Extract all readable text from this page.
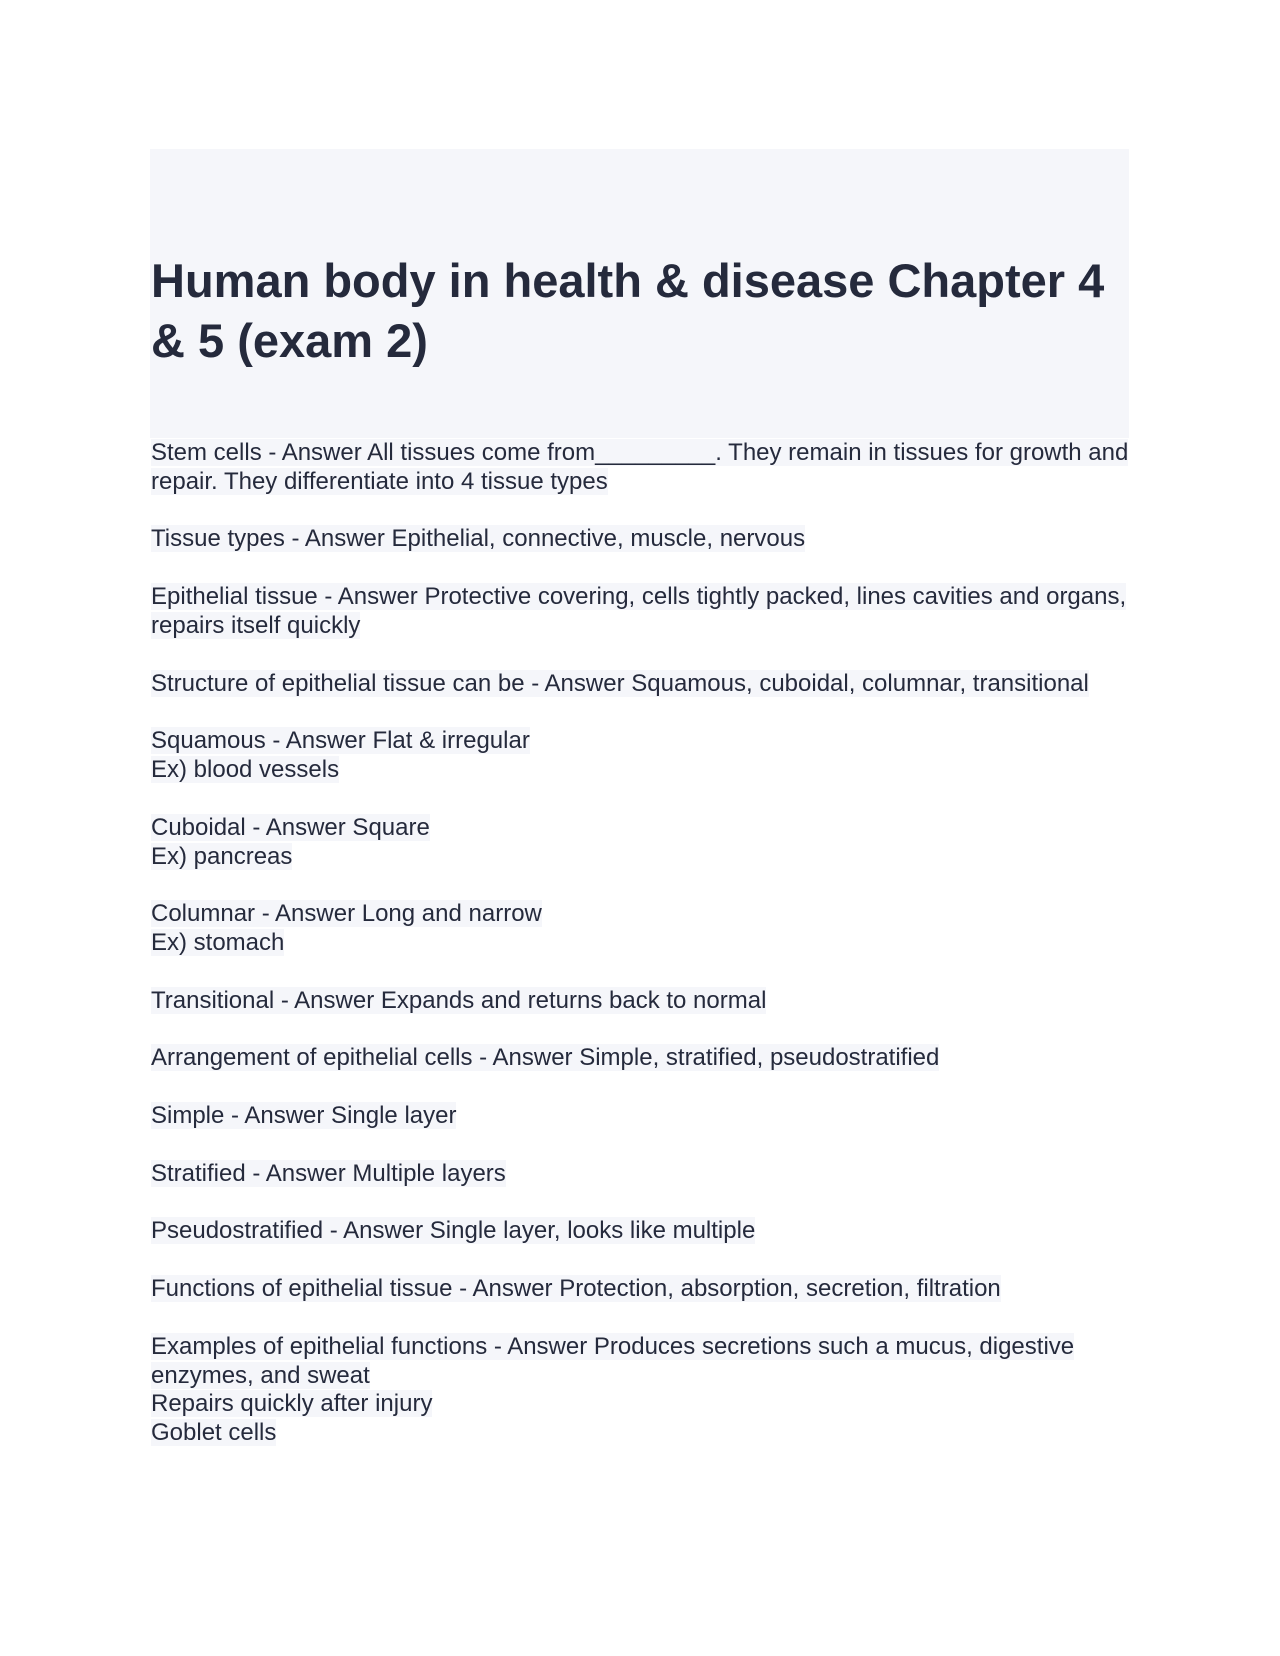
Human body in health & disease Chapter 4 & 5 (exam 2)

Stem cells - Answer All tissues come from_________. They remain in tissues for growth and repair. They differentiate into 4 tissue types

Tissue types - Answer Epithelial, connective, muscle, nervous

Epithelial tissue - Answer Protective covering, cells tightly packed, lines cavities and organs, repairs itself quickly

Structure of epithelial tissue can be - Answer Squamous, cuboidal, columnar, transitional

Squamous - Answer Flat & irregular
Ex) blood vessels

Cuboidal - Answer Square
Ex) pancreas

Columnar - Answer Long and narrow
Ex) stomach

Transitional - Answer Expands and returns back to normal

Arrangement of epithelial cells - Answer Simple, stratified, pseudostratified

Simple - Answer Single layer

Stratified - Answer Multiple layers

Pseudostratified - Answer Single layer, looks like multiple

Functions of epithelial tissue - Answer Protection, absorption, secretion, filtration

Examples of epithelial functions - Answer Produces secretions such a mucus, digestive enzymes, and sweat
Repairs quickly after injury
Goblet cells
